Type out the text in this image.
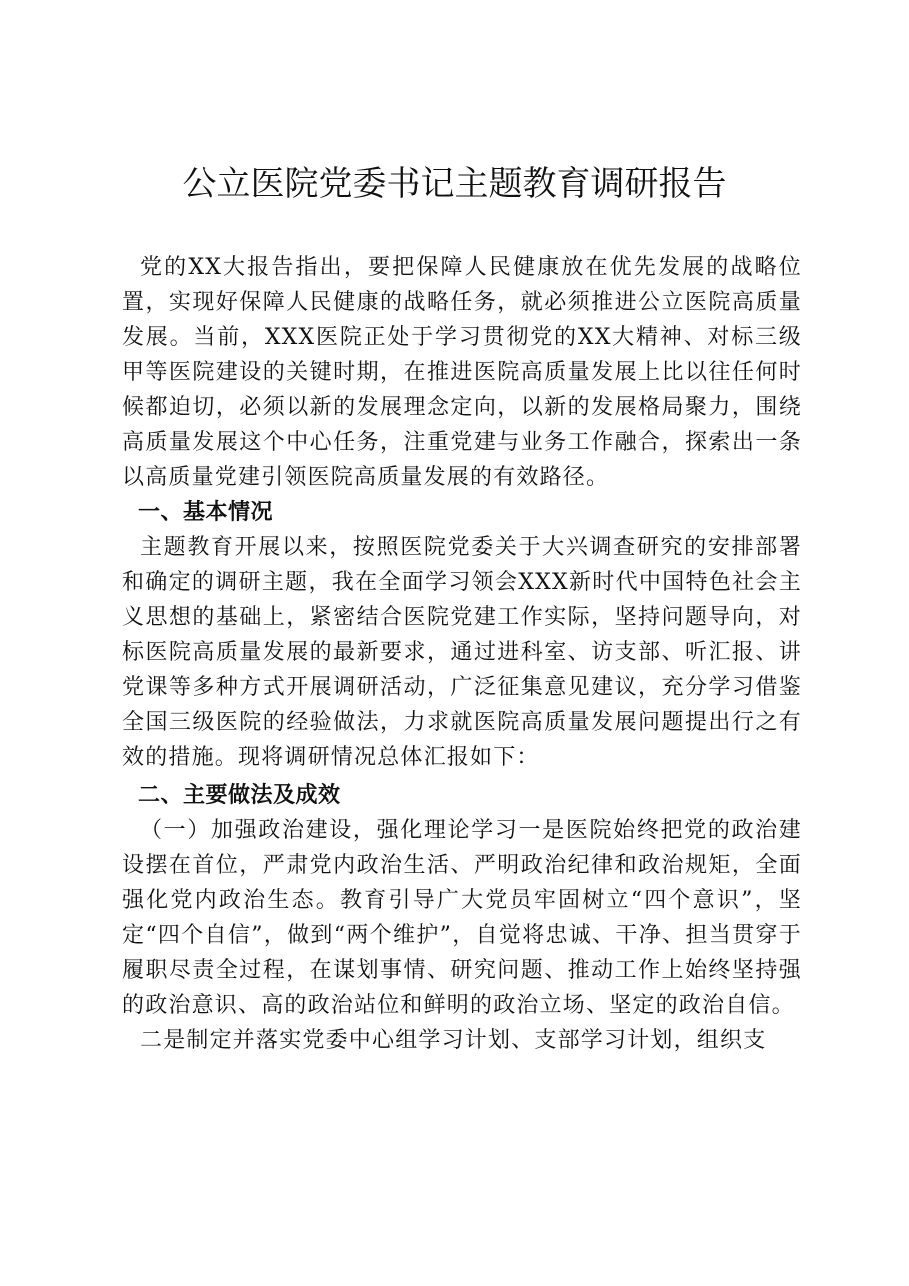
公立医院党委书记主题教育调研报告

党的XX大报告指出，要把保障人民健康放在优先发展的战略位置，实现好保障人民健康的战略任务，就必须推进公立医院高质量发展。当前，XXX医院正处于学习贯彻党的XX大精神、对标三级甲等医院建设的关键时期，在推进医院高质量发展上比以往任何时候都迫切，必须以新的发展理念定向，以新的发展格局聚力，围绕高质量发展这个中心任务，注重党建与业务工作融合，探索出一条以高质量党建引领医院高质量发展的有效路径。

一、基本情况

主题教育开展以来，按照医院党委关于大兴调查研究的安排部署和确定的调研主题，我在全面学习领会XXX新时代中国特色社会主义思想的基础上，紧密结合医院党建工作实际，坚持问题导向，对标医院高质量发展的最新要求，通过进科室、访支部、听汇报、讲党课等多种方式开展调研活动，广泛征集意见建议，充分学习借鉴全国三级医院的经验做法，力求就医院高质量发展问题提出行之有效的措施。现将调研情况总体汇报如下：

二、主要做法及成效

（一）加强政治建设，强化理论学习一是医院始终把党的政治建设摆在首位，严肃党内政治生活、严明政治纪律和政治规矩，全面强化党内政治生态。教育引导广大党员牢固树立“四个意识”，坚定“四个自信”，做到“两个维护”，自觉将忠诚、干净、担当贯穿于履职尽责全过程，在谋划事情、研究问题、推动工作上始终坚持强的政治意识、高的政治站位和鲜明的政治立场、坚定的政治自信。

二是制定并落实党委中心组学习计划、支部学习计划，组织支
